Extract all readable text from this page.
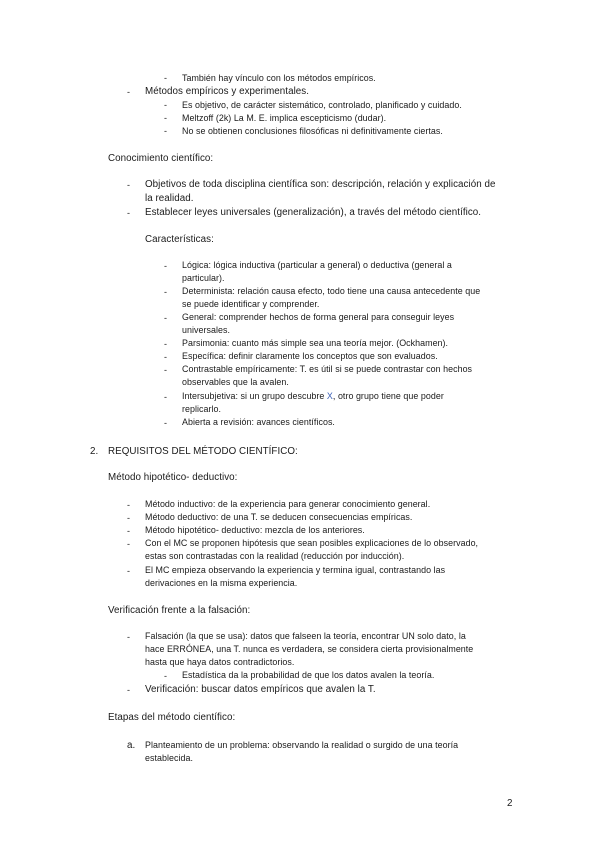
- También hay vínculo con los métodos empíricos.
- Métodos empíricos y experimentales.
- Es objetivo, de carácter sistemático, controlado, planificado y cuidado.
- Meltzoff (2k) La M. E. implica escepticismo (dudar).
- No se obtienen conclusiones filosóficas ni definitivamente ciertas.
Conocimiento científico:
- Objetivos de toda disciplina científica son: descripción, relación y explicación de
la realidad.
- Establecer leyes universales (generalización), a través del método científico.
Características:
- Lógica: lógica inductiva (particular a general) o deductiva (general a
particular).
- Determinista: relación causa efecto, todo tiene una causa antecedente que
se puede identificar y comprender.
- General: comprender hechos de forma general para conseguir leyes
universales.
- Parsimonia: cuanto más simple sea una teoría mejor. (Ockhamen).
- Específica: definir claramente los conceptos que son evaluados.
- Contrastable empíricamente: T. es útil si se puede contrastar con hechos
observables que la avalen.
- Intersubjetiva: si un grupo descubre X, otro grupo tiene que poder
replicarlo.
- Abierta a revisión: avances científicos.
2. REQUISITOS DEL MÉTODO CIENTÍFICO:
Método hipotético- deductivo:
- Método inductivo: de la experiencia para generar conocimiento general.
- Método deductivo: de una T. se deducen consecuencias empíricas.
- Método hipotético- deductivo: mezcla de los anteriores.
- Con el MC se proponen hipótesis que sean posibles explicaciones de lo observado,
estas son contrastadas con la realidad (reducción por inducción).
- El MC empieza observando la experiencia y termina igual, contrastando las
derivaciones en la misma experiencia.
Verificación frente a la falsación:
- Falsación (la que se usa): datos que falseen la teoría, encontrar UN solo dato, la
hace ERRÓNEA, una T. nunca es verdadera, se considera cierta provisionalmente
hasta que haya datos contradictorios.
- Estadística da la probabilidad de que los datos avalen la teoría.
- Verificación: buscar datos empíricos que avalen la T.
Etapas del método científico:
a. Planteamiento de un problema: observando la realidad o surgido de una teoría
establecida.
2
